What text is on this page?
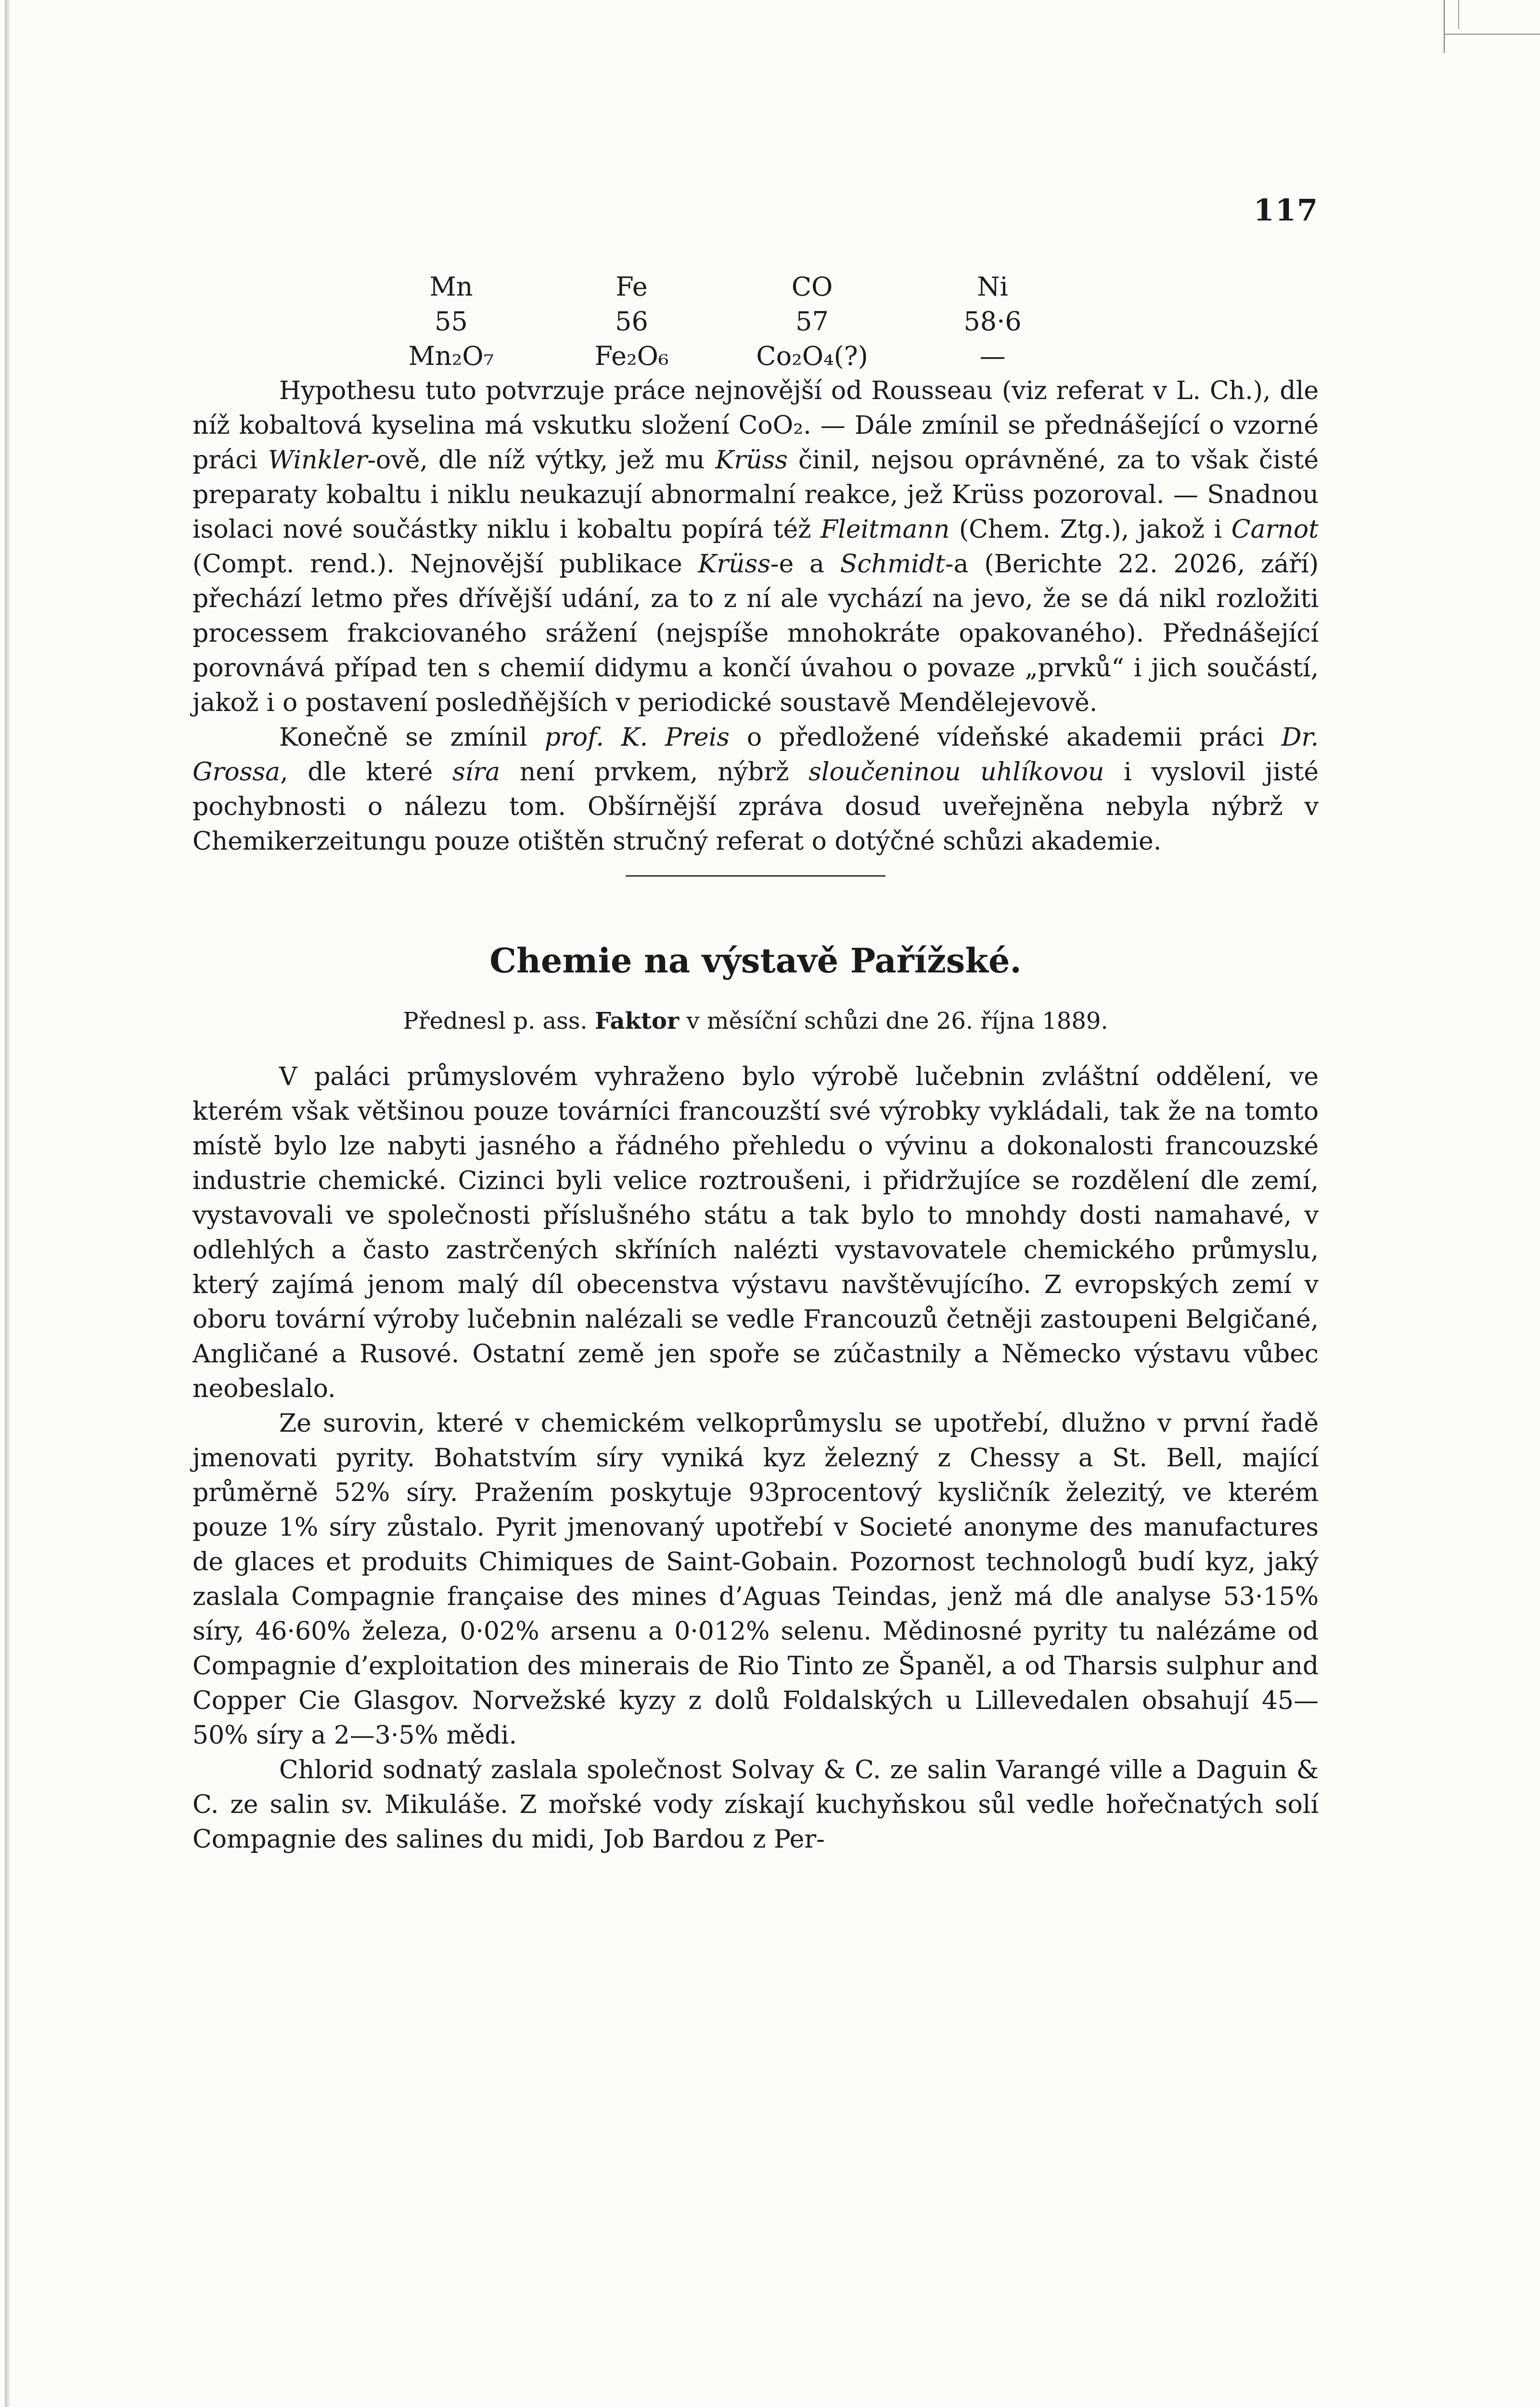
117
Mn	Fe	CO	Ni
55	56	57	58·6
Mn₂O₇	Fe₂O₆	Co₂O₄(?)	—

Hypothesu tuto potvrzuje práce nejnovější od Rousseau (viz referat v L. Ch.), dle níž kobaltová kyselina má vskutku složení CoO₂. — Dále zmínil se přednášející o vzorné práci Winkler-ově, dle níž výtky, jež mu Krüss činil, nejsou oprávněné, za to však čisté preparaty kobaltu i niklu neukazují abnormalní reakce, jež Krüss pozoroval. — Snadnou isolaci nové součástky niklu i kobaltu popírá též Fleitmann (Chem. Ztg.), jakož i Carnot (Compt. rend.). Nejnovější publikace Krüss-e a Schmidt-a (Berichte 22. 2026, září) přechází letmo přes dřívější udání, za to z ní ale vychází na jevo, že se dá nikl rozložiti processem frakciovaného srážení (nejspíše mnohokráte opakovaného). Přednášející porovnává případ ten s chemií didymu a končí úvahou o povaze „prvků“ i jich součástí, jakož i o postavení posledňějších v periodické soustavě Mendělejevově.

Konečně se zmínil prof. K. Preis o předložené vídeňské akademii práci Dr. Grossa, dle které síra není prvkem, nýbrž sloučeninou uhlíkovou i vyslovil jisté pochybnosti o nálezu tom. Obšírnější zpráva dosud uveřejněna nebyla nýbrž v Chemikerzeitungu pouze otištěn stručný referat o dotýčné schůzi akademie.

Chemie na výstavě Pařížské.
Přednesl p. ass. Faktor v měsíční schůzi dne 26. října 1889.

V paláci průmyslovém vyhraženo bylo výrobě lučebnin zvláštní oddělení, ve kterém však většinou pouze továrníci francouzští své výrobky vykládali, tak že na tomto místě bylo lze nabyti jasného a řádného přehledu o vývinu a dokonalosti francouzské industrie chemické. Cizinci byli velice roztroušeni, i přidržujíce se rozdělení dle zemí, vystavovali ve společnosti příslušného státu a tak bylo to mnohdy dosti namahavé, v odlehlých a často zastrčených skříních nalézti vystavovatele chemického průmyslu, který zajímá jenom malý díl obecenstva výstavu navštěvujícího. Z evropských zemí v oboru tovární výroby lučebnin nalézali se vedle Francouzů četněji zastoupeni Belgičané, Angličané a Rusové. Ostatní země jen spoře se zúčastnily a Německo výstavu vůbec neobeslalo.

Ze surovin, které v chemickém velkoprůmyslu se upotřebí, dlužno v první řadě jmenovati pyrity. Bohatstvím síry vyniká kyz železný z Chessy a St. Bell, mající průměrně 52% síry. Pražením poskytuje 93procentový kysličník železitý, ve kterém pouze 1% síry zůstalo. Pyrit jmenovaný upotřebí v Societé anonyme des manufactures de glaces et produits Chimiques de Saint-Gobain. Pozornost technologů budí kyz, jaký zaslala Compagnie française des mines d’Aguas Teindas, jenž má dle analyse 53·15% síry, 46·60% železa, 0·02% arsenu a 0·012% selenu. Mědinosné pyrity tu nalézáme od Compagnie d’exploitation des minerais de Rio Tinto ze Španěl, a od Tharsis sulphur and Copper Cie Glasgov. Norvežské kyzy z dolů Foldalských u Lillevedalen obsahují 45—50% síry a 2—3·5% mědi.

Chlorid sodnatý zaslala společnost Solvay & C. ze salin Varangé ville a Daguin & C. ze salin sv. Mikuláše. Z mořské vody získají kuchyňskou sůl vedle hořečnatých solí Compagnie des salines du midi, Job Bardou z Per-
